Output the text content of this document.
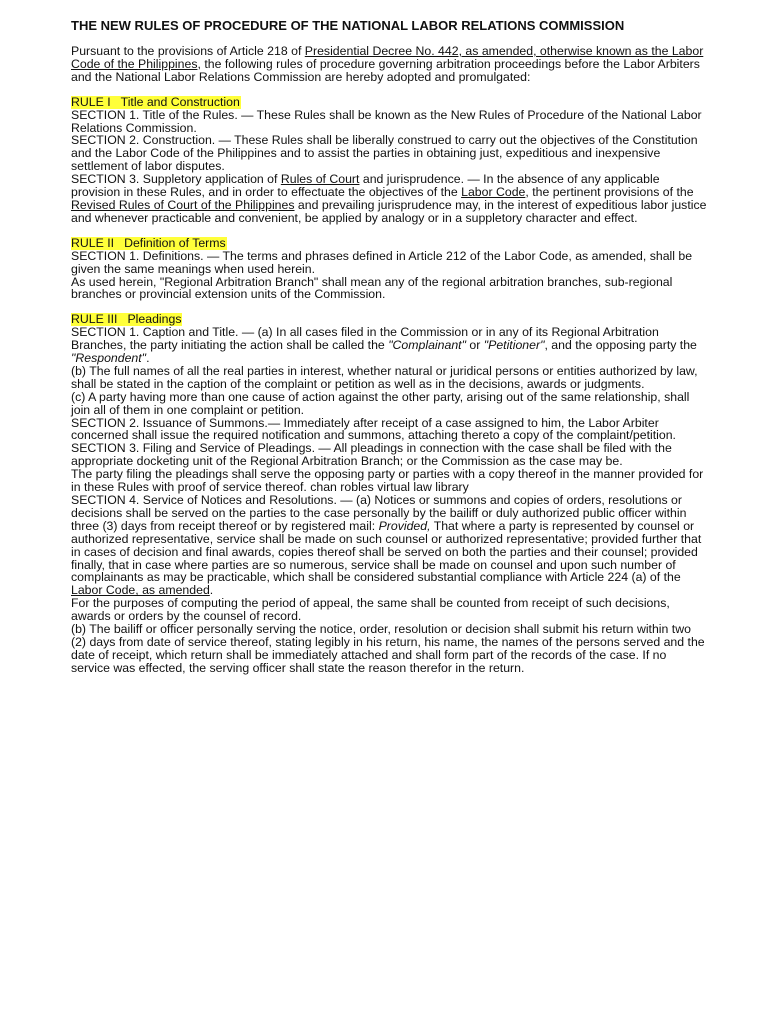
THE NEW RULES OF PROCEDURE OF THE NATIONAL LABOR RELATIONS COMMISSION

Pursuant to the provisions of Article 218 of Presidential Decree No. 442, as amended, otherwise known as the Labor Code of the Philippines, the following rules of procedure governing arbitration proceedings before the Labor Arbiters and the National Labor Relations Commission are hereby adopted and promulgated:

RULE I Title and Construction

SECTION 1. Title of the Rules. — These Rules shall be known as the New Rules of Procedure of the National Labor Relations Commission.

SECTION 2. Construction. — These Rules shall be liberally construed to carry out the objectives of the Constitution and the Labor Code of the Philippines and to assist the parties in obtaining just, expeditious and inexpensive settlement of labor disputes.

SECTION 3. Suppletory application of Rules of Court and jurisprudence. — In the absence of any applicable provision in these Rules, and in order to effectuate the objectives of the Labor Code, the pertinent provisions of the Revised Rules of Court of the Philippines and prevailing jurisprudence may, in the interest of expeditious labor justice and whenever practicable and convenient, be applied by analogy or in a suppletory character and effect.

RULE II Definition of Terms

SECTION 1. Definitions. — The terms and phrases defined in Article 212 of the Labor Code, as amended, shall be given the same meanings when used herein.

As used herein, "Regional Arbitration Branch" shall mean any of the regional arbitration branches, sub-regional branches or provincial extension units of the Commission.

RULE III Pleadings

SECTION 1. Caption and Title. — (a) In all cases filed in the Commission or in any of its Regional Arbitration Branches, the party initiating the action shall be called the "Complainant" or "Petitioner", and the opposing party the "Respondent".

(b) The full names of all the real parties in interest, whether natural or juridical persons or entities authorized by law, shall be stated in the caption of the complaint or petition as well as in the decisions, awards or judgments.

(c) A party having more than one cause of action against the other party, arising out of the same relationship, shall join all of them in one complaint or petition.

SECTION 2. Issuance of Summons.— Immediately after receipt of a case assigned to him, the Labor Arbiter concerned shall issue the required notification and summons, attaching thereto a copy of the complaint/petition.

SECTION 3. Filing and Service of Pleadings. — All pleadings in connection with the case shall be filed with the appropriate docketing unit of the Regional Arbitration Branch; or the Commission as the case may be.

The party filing the pleadings shall serve the opposing party or parties with a copy thereof in the manner provided for in these Rules with proof of service thereof. chan robles virtual law library

SECTION 4. Service of Notices and Resolutions. — (a) Notices or summons and copies of orders, resolutions or decisions shall be served on the parties to the case personally by the bailiff or duly authorized public officer within three (3) days from receipt thereof or by registered mail: Provided, That where a party is represented by counsel or authorized representative, service shall be made on such counsel or authorized representative; provided further that in cases of decision and final awards, copies thereof shall be served on both the parties and their counsel; provided finally, that in case where parties are so numerous, service shall be made on counsel and upon such number of complainants as may be practicable, which shall be considered substantial compliance with Article 224 (a) of the Labor Code, as amended.

For the purposes of computing the period of appeal, the same shall be counted from receipt of such decisions, awards or orders by the counsel of record.

(b) The bailiff or officer personally serving the notice, order, resolution or decision shall submit his return within two (2) days from date of service thereof, stating legibly in his return, his name, the names of the persons served and the date of receipt, which return shall be immediately attached and shall form part of the records of the case. If no service was effected, the serving officer shall state the reason therefor in the return.
